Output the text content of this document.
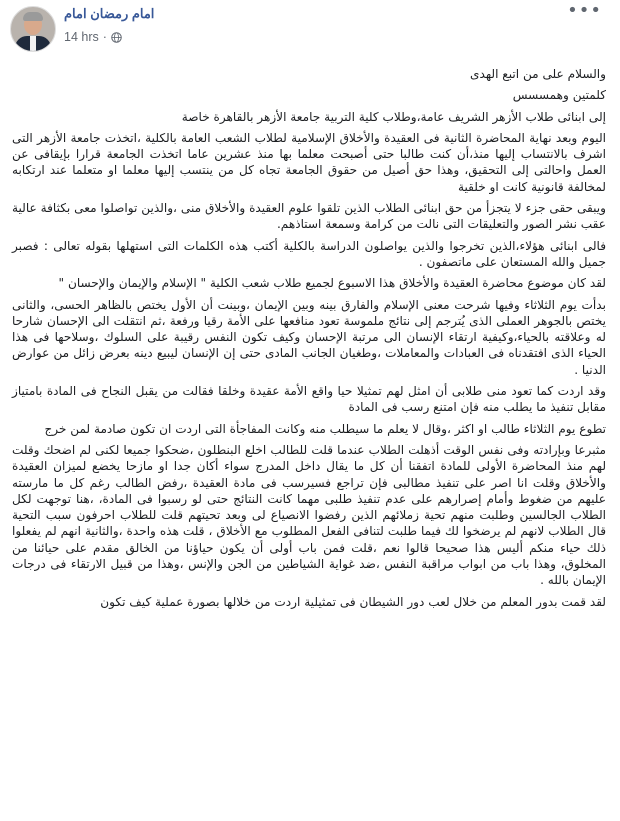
امام رمضان امام
14 hrs ·
•••

والسلام على من اتبع الهدى

كلمتين وهمسسس

إلى ابنائى طلاب الأزهر الشريف عامة،وطلاب كلية التربية جامعة الأزهر بالقاهرة خاصة

اليوم وبعد نهاية المحاضرة الثانية فى العقيدة والأخلاق الإسلامية لطلاب الشعب العامة بالكلية ،اتخذت جامعة الأزهر التى اشرف بالانتساب إليها منذ،أن كنت طالبا حتى أصبحت معلما بها منذ عشرين عاما اتخذت الجامعة قرارا بإيقافى عن العمل واحالتى إلى التحقيق، وهذا حق أصيل من حقوق الجامعة تجاه كل من ينتسب إليها معلما او متعلما عند ارتكابه لمخالفة قانونية كانت او خلقية

ويبقى حقى جزء لا يتجزأ من حق ابنائى الطلاب الذين تلقوا علوم العقيدة والأخلاق منى ،والذين تواصلوا معى بكثافة عالية عقب نشر الصور والتعليقات التى نالت من كرامة وسمعة استاذهم.

فالى ابنائى هؤلاء،الذين تخرجوا والذين يواصلون الدراسة بالكلية أكتب هذه الكلمات التى استهلها بقوله تعالى : فصبر جميل والله المستعان على ماتصفون .

لقد كان موضوع محاضرة العقيدة والأخلاق هذا الاسبوع لجميع طلاب شعب الكلية " الإسلام والإيمان والإحسان "

بدأت يوم الثلاثاء وفيها شرحت معنى الإسلام والفارق بينه وبين الإيمان ،وبينت أن الأول يختص بالظاهر الحسى، والثانى يختص بالجوهر العملى الذى يُترجم إلى نتائج ملموسة تعود منافعها على الأمة رقيا ورفعة ،ثم انتقلت الى الإحسان شارحا له وعلاقته بالحياء،وكيفية ارتقاء الإنسان الى مرتبة الإحسان وكيف تكون النفس رقيبة على السلوك ،وسلاحها فى هذا الحياء الذى افتقدناه فى العبادات والمعاملات ،وطغيان الجانب المادى حتى إن الإنسان ليبيع دينه بعرض زائل من عوارض الدنيا .

وقد اردت كما تعود منى طلابى أن امثل لهم تمثيلا حيا واقع الأمة عقيدة وخلقا فقالت من يقبل النجاح فى المادة بامتياز مقابل تنفيذ ما يطلب منه فإن امتنع رسب فى المادة

تطوع يوم الثلاثاء طالب او اكثر ،وقال لا يعلم ما سيطلب منه وكانت المفاجأة التى اردت ان تكون صادمة لمن خرج

مثبرعا وبإرادته وفى نفس الوقت أذهلت الطلاب عندما قلت للطالب اخلع البنطلون ،ضحكوا جميعا لكنى لم اضحك وقلت لهم منذ المحاضرة الأولى للمادة اتفقنا أن كل ما يقال داخل المدرج سواء أكان جدا او مازحا يخضع لميزان العقيدة والأخلاق وقلت انا اصر على تنفيذ مطالبى فإن تراجع فسيرسب فى مادة العقيدة ،رفض الطالب رغم كل ما مارسته عليهم من ضغوط وأمام إصرارهم على عدم تنفيذ طلبى مهما كانت النتائج حتى لو رسبوا فى المادة، ،هنا توجهت لكل الطلاب الجالسين وطلبت منهم تحية زملائهم الذين رفضوا الانصياع لى وبعد تحيتهم قلت للطلاب احرفون سبب التحية قال الطلاب لانهم لم يرضخوا لك فيما طلبت لتنافى الفعل المطلوب مع الأخلاق ، قلت هذه واحدة ،والثانية انهم لم يفعلوا ذلك حياء منكم أليس هذا صحيحا قالوا نعم ،قلت فمن باب أولى أن يكون حياؤنا من الخالق مقدم على حيائنا من المخلوق، وهذا باب من ابواب مراقبة النفس ،ضد غواية الشياطين من الجن والإنس ،وهذا من قبيل الارتقاء فى درجات الإيمان بالله .

لقد قمت بدور المعلم من خلال لعب دور الشيطان فى تمثيلية اردت من خلالها بصورة عملية كيف تكون
